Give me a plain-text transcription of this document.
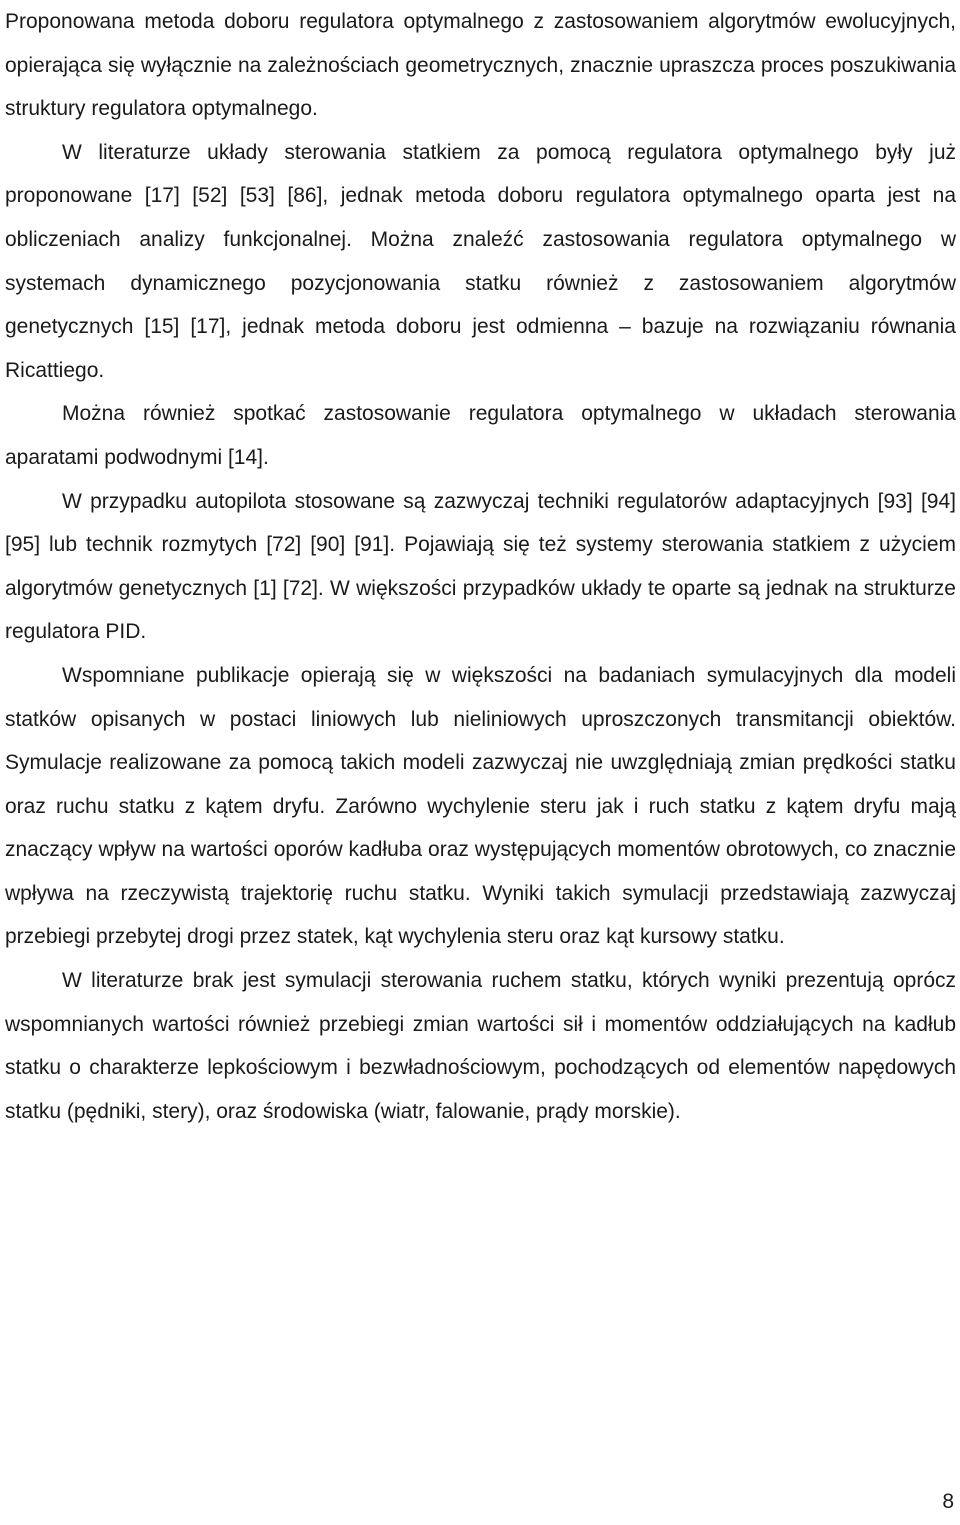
Proponowana metoda doboru regulatora optymalnego z zastosowaniem algorytmów ewolucyjnych, opierająca się wyłącznie na zależnościach geometrycznych, znacznie upraszcza proces poszukiwania struktury regulatora optymalnego.

W literaturze układy sterowania statkiem za pomocą regulatora optymalnego były już proponowane [17] [52] [53] [86], jednak metoda doboru regulatora optymalnego oparta jest na obliczeniach analizy funkcjonalnej. Można znaleźć zastosowania regulatora optymalnego w systemach dynamicznego pozycjonowania statku również z zastosowaniem algorytmów genetycznych [15] [17], jednak metoda doboru jest odmienna – bazuje na rozwiązaniu równania Ricattiego.

Można również spotkać zastosowanie regulatora optymalnego w układach sterowania aparatami podwodnymi [14].

W przypadku autopilota stosowane są zazwyczaj techniki regulatorów adaptacyjnych [93] [94] [95] lub technik rozmytych [72] [90] [91]. Pojawiają się też systemy sterowania statkiem z użyciem algorytmów genetycznych [1] [72]. W większości przypadków układy te oparte są jednak na strukturze regulatora PID.

Wspomniane publikacje opierają się w większości na badaniach symulacyjnych dla modeli statków opisanych w postaci liniowych lub nieliniowych uproszczonych transmitancji obiektów. Symulacje realizowane za pomocą takich modeli zazwyczaj nie uwzględniają zmian prędkości statku oraz ruchu statku z kątem dryfu. Zarówno wychylenie steru jak i ruch statku z kątem dryfu mają znaczący wpływ na wartości oporów kadłuba oraz występujących momentów obrotowych, co znacznie wpływa na rzeczywistą trajektorię ruchu statku. Wyniki takich symulacji przedstawiają zazwyczaj przebiegi przebytej drogi przez statek, kąt wychylenia steru oraz kąt kursowy statku.

W literaturze brak jest symulacji sterowania ruchem statku, których wyniki prezentują oprócz wspomnianych wartości również przebiegi zmian wartości sił i momentów oddziałujących na kadłub statku o charakterze lepkościowym i bezwładnościowym, pochodzących od elementów napędowych statku (pędniki, stery), oraz środowiska (wiatr, falowanie, prądy morskie).

8
